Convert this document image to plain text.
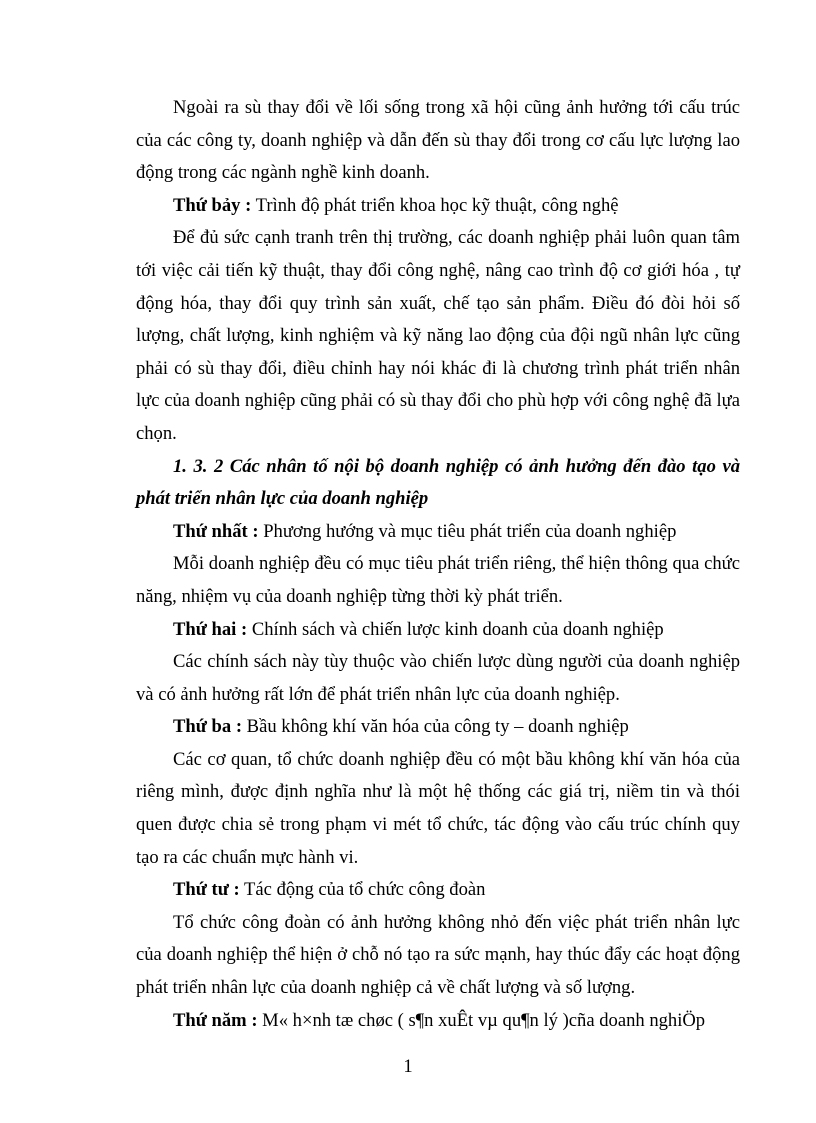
Ngoài ra sù thay đổi về lối sống trong xã hội cũng ảnh hưởng tới cấu trúc của các công ty, doanh nghiệp và dẫn đến sù thay đổi trong cơ cấu lực lượng lao động trong các ngành nghề kinh doanh.

Thứ bảy : Trình độ phát triển khoa học kỹ thuật, công nghệ

Để đủ sức cạnh tranh trên thị trường, các doanh nghiệp phải luôn quan tâm tới việc cải tiến kỹ thuật, thay đổi công nghệ, nâng cao trình độ cơ giới hóa , tự động hóa, thay đổi quy trình sản xuất, chế tạo sản phẩm. Điều đó đòi hỏi số lượng, chất lượng, kinh nghiệm và kỹ năng lao động của đội ngũ nhân lực cũng phải có sù thay đổi, điều chỉnh hay nói khác đi là chương trình phát triển nhân lực của doanh nghiệp cũng phải có sù thay đổi cho phù hợp với công nghệ đã lựa chọn.

1. 3. 2 Các nhân tố nội bộ doanh nghiệp có ảnh hưởng đến đào tạo và phát triển nhân lực của doanh nghiệp

Thứ nhất : Phương hướng và mục tiêu phát triển của doanh nghiệp

Mỗi doanh nghiệp đều có mục tiêu phát triển riêng, thể hiện thông qua chức năng, nhiệm vụ của doanh nghiệp từng thời kỳ phát triển.

Thứ hai : Chính sách và chiến lược kinh doanh của doanh nghiệp

Các chính sách này tùy thuộc vào chiến lược dùng người của doanh nghiệp và có ảnh hưởng rất lớn để phát triển nhân lực của doanh nghiệp.

Thứ ba : Bầu không khí văn hóa của công ty – doanh nghiệp

Các cơ quan, tổ chức doanh nghiệp đều có một bầu không khí văn hóa của riêng mình, được định nghĩa như là một hệ thống các giá trị, niềm tin và thói quen được chia sẻ trong phạm vi mét tổ chức, tác động vào cấu trúc chính quy tạo ra các chuẩn mực hành vi.

Thứ tư : Tác động của tổ chức công đoàn

Tổ chức công đoàn có ảnh hưởng không nhỏ đến việc phát triển nhân lực của doanh nghiệp thể hiện ở chỗ nó tạo ra sức mạnh, hay thúc đẩy các hoạt động phát triển nhân lực của doanh nghiệp cả về chất lượng và số lượng.

Thứ năm : M« h×nh tæ chøc ( s¶n xuÊt vµ qu¶n lý )cña doanh nghiÖp

1
